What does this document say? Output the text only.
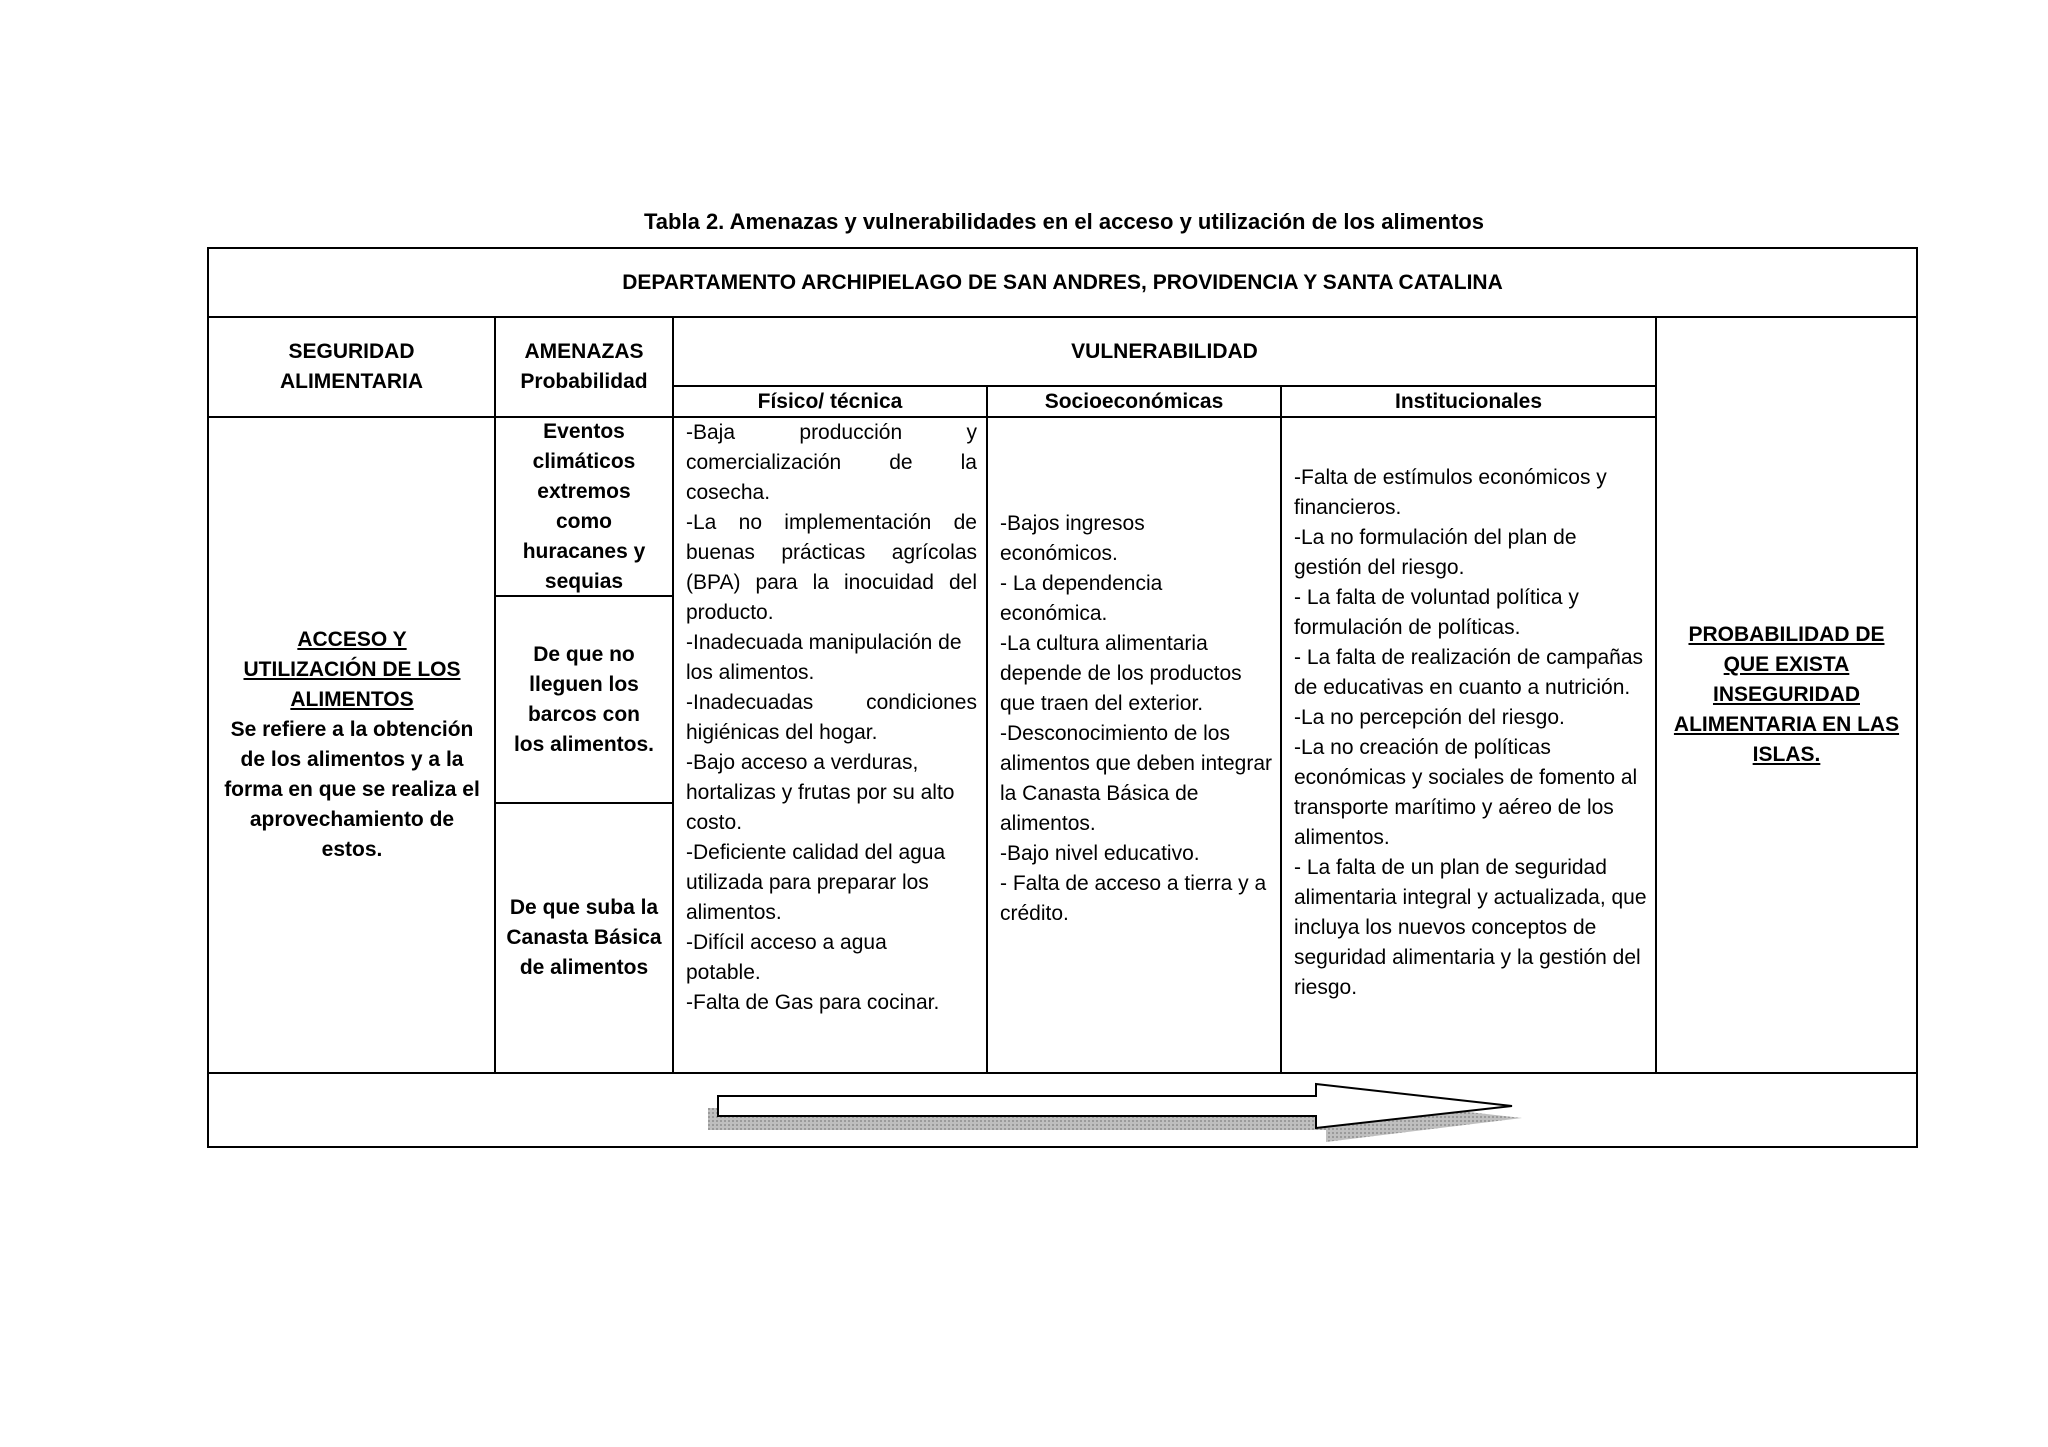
Tabla 2. Amenazas y vulnerabilidades en el acceso y utilización de los alimentos
DEPARTAMENTO ARCHIPIELAGO DE SAN ANDRES, PROVIDENCIA Y SANTA CATALINA
SEGURIDAD ALIMENTARIA
AMENAZAS Probabilidad
VULNERABILIDAD
Físico/ técnica	Socioeconómicas	Institucionales
ACCESO Y UTILIZACIÓN DE LOS ALIMENTOS
Se refiere a la obtención de los alimentos y a la forma en que se realiza el aprovechamiento de estos.
Eventos climáticos extremos como huracanes y sequias
De que no lleguen los barcos con los alimentos.
De que suba la Canasta Básica de alimentos
-Baja producción y comercialización de la cosecha.
-La no implementación de buenas prácticas agrícolas (BPA) para la inocuidad del producto.
-Inadecuada manipulación de los alimentos.
-Inadecuadas condiciones higiénicas del hogar.
-Bajo acceso a verduras, hortalizas y frutas por su alto costo.
-Deficiente calidad del agua utilizada para preparar los alimentos.
-Difícil acceso a agua potable.
-Falta de Gas para cocinar.
-Bajos ingresos económicos.
- La dependencia económica.
-La cultura alimentaria depende de los productos que traen del exterior.
-Desconocimiento de los alimentos que deben integrar la Canasta Básica de alimentos.
-Bajo nivel educativo.
- Falta de acceso a tierra y a crédito.
-Falta de estímulos económicos y financieros.
-La no formulación del plan de gestión del riesgo.
- La falta de voluntad política y formulación de políticas.
- La falta de realización de campañas de educativas en cuanto a nutrición.
-La no percepción del riesgo.
-La no creación de políticas económicas y sociales de fomento al transporte marítimo y aéreo de los alimentos.
- La falta de un plan de seguridad alimentaria integral y actualizada, que incluya los nuevos conceptos de seguridad alimentaria y la gestión del riesgo.
PROBABILIDAD DE QUE EXISTA INSEGURIDAD ALIMENTARIA EN LAS ISLAS.
